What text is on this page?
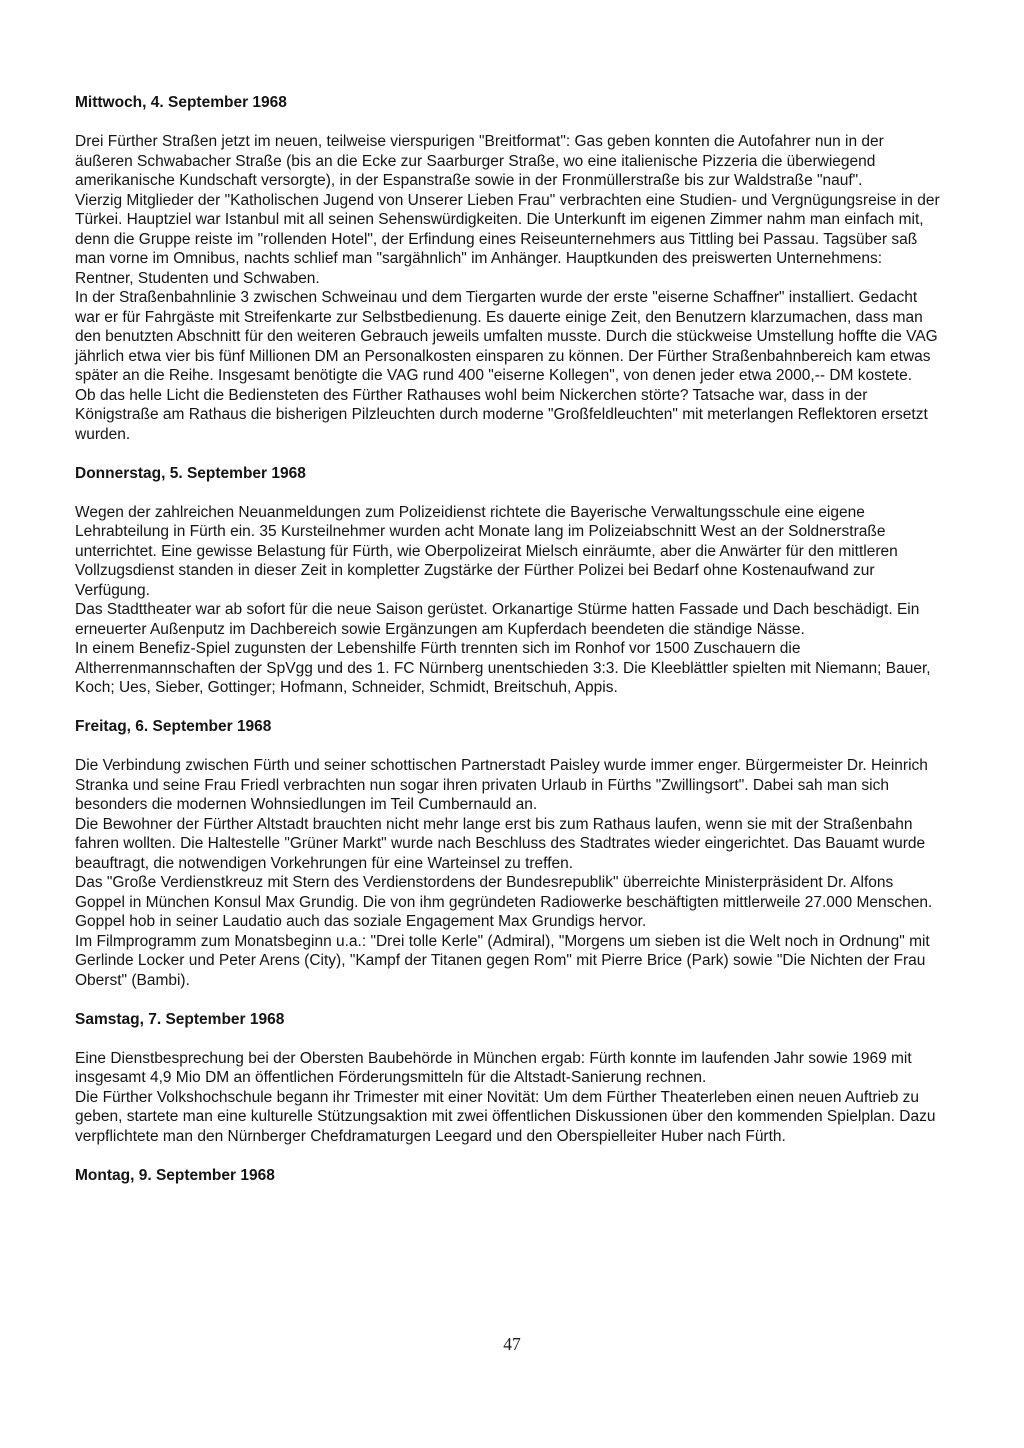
Mittwoch, 4. September 1968

Drei Fürther Straßen jetzt im neuen, teilweise vierspurigen "Breitformat": Gas geben konnten die Autofahrer nun in der äußeren Schwabacher Straße (bis an die Ecke zur Saarburger Straße, wo eine italienische Pizzeria die überwiegend amerikanische Kundschaft versorgte), in der Espanstraße sowie in der Fronmüllerstraße bis zur Waldstraße "nauf".

Vierzig Mitglieder der "Katholischen Jugend von Unserer Lieben Frau" verbrachten eine Studien- und Vergnügungsreise in der Türkei. Hauptziel war Istanbul mit all seinen Sehenswürdigkeiten. Die Unterkunft im eigenen Zimmer nahm man einfach mit, denn die Gruppe reiste im "rollenden Hotel", der Erfindung eines Reiseunternehmers aus Tittling bei Passau. Tagsüber saß man vorne im Omnibus, nachts schlief man "sargähnlich" im Anhänger. Hauptkunden des preiswerten Unternehmens: Rentner, Studenten und Schwaben.

In der Straßenbahnlinie 3 zwischen Schweinau und dem Tiergarten wurde der erste "eiserne Schaffner" installiert. Gedacht war er für Fahrgäste mit Streifenkarte zur Selbstbedienung. Es dauerte einige Zeit, den Benutzern klarzumachen, dass man den benutzten Abschnitt für den weiteren Gebrauch jeweils umfalten musste. Durch die stückweise Umstellung hoffte die VAG jährlich etwa vier bis fünf Millionen DM an Personalkosten einsparen zu können. Der Fürther Straßenbahnbereich kam etwas später an die Reihe. Insgesamt benötigte die VAG rund 400 "eiserne Kollegen", von denen jeder etwa 2000,-- DM kostete.

Ob das helle Licht die Bediensteten des Fürther Rathauses wohl beim Nickerchen störte? Tatsache war, dass in der Königstraße am Rathaus die bisherigen Pilzleuchten durch moderne "Großfeldleuchten" mit meterlangen Reflektoren ersetzt wurden.

Donnerstag, 5. September 1968

Wegen der zahlreichen Neuanmeldungen zum Polizeidienst richtete die Bayerische Verwaltungsschule eine eigene Lehrabteilung in Fürth ein. 35 Kursteilnehmer wurden acht Monate lang im Polizeiabschnitt West an der Soldnerstraße unterrichtet. Eine gewisse Belastung für Fürth, wie Oberpolizeirat Mielsch einräumte, aber die Anwärter für den mittleren Vollzugsdienst standen in dieser Zeit in kompletter Zugstärke der Fürther Polizei bei Bedarf ohne Kostenaufwand zur Verfügung.

Das Stadttheater war ab sofort für die neue Saison gerüstet. Orkanartige Stürme hatten Fassade und Dach beschädigt. Ein erneuerter Außenputz im Dachbereich sowie Ergänzungen am Kupferdach beendeten die ständige Nässe.

In einem Benefiz-Spiel zugunsten der Lebenshilfe Fürth trennten sich im Ronhof vor 1500 Zuschauern die Altherrenmannschaften der SpVgg und des 1. FC Nürnberg unentschieden 3:3. Die Kleeblättler spielten mit Niemann; Bauer, Koch; Ues, Sieber, Gottinger; Hofmann, Schneider, Schmidt, Breitschuh, Appis.

Freitag, 6. September 1968

Die Verbindung zwischen Fürth und seiner schottischen Partnerstadt Paisley wurde immer enger. Bürgermeister Dr. Heinrich Stranka und seine Frau Friedl verbrachten nun sogar ihren privaten Urlaub in Fürths "Zwillingsort". Dabei sah man sich besonders die modernen Wohnsiedlungen im Teil Cumbernauld an.

Die Bewohner der Fürther Altstadt brauchten nicht mehr lange erst bis zum Rathaus laufen, wenn sie mit der Straßenbahn fahren wollten. Die Haltestelle "Grüner Markt" wurde nach Beschluss des Stadtrates wieder eingerichtet. Das Bauamt wurde beauftragt, die notwendigen Vorkehrungen für eine Warteinsel zu treffen.

Das "Große Verdienstkreuz mit Stern des Verdienstordens der Bundesrepublik" überreichte Ministerpräsident Dr. Alfons Goppel in München Konsul Max Grundig. Die von ihm gegründeten Radiowerke beschäftigten mittlerweile 27.000 Menschen. Goppel hob in seiner Laudatio auch das soziale Engagement Max Grundigs hervor.

Im Filmprogramm zum Monatsbeginn u.a.: "Drei tolle Kerle" (Admiral), "Morgens um sieben ist die Welt noch in Ordnung" mit Gerlinde Locker und Peter Arens (City), "Kampf der Titanen gegen Rom" mit Pierre Brice (Park) sowie "Die Nichten der Frau Oberst" (Bambi).

Samstag, 7. September 1968

Eine Dienstbesprechung bei der Obersten Baubehörde in München ergab: Fürth konnte im laufenden Jahr sowie 1969 mit insgesamt 4,9 Mio DM an öffentlichen Förderungsmitteln für die Altstadt-Sanierung rechnen.

Die Fürther Volkshochschule begann ihr Trimester mit einer Novität: Um dem Fürther Theaterleben einen neuen Auftrieb zu geben, startete man eine kulturelle Stützungsaktion mit zwei öffentlichen Diskussionen über den kommenden Spielplan. Dazu verpflichtete man den Nürnberger Chefdramaturgen Leegard und den Oberspielleiter Huber nach Fürth.

Montag, 9. September 1968
47
